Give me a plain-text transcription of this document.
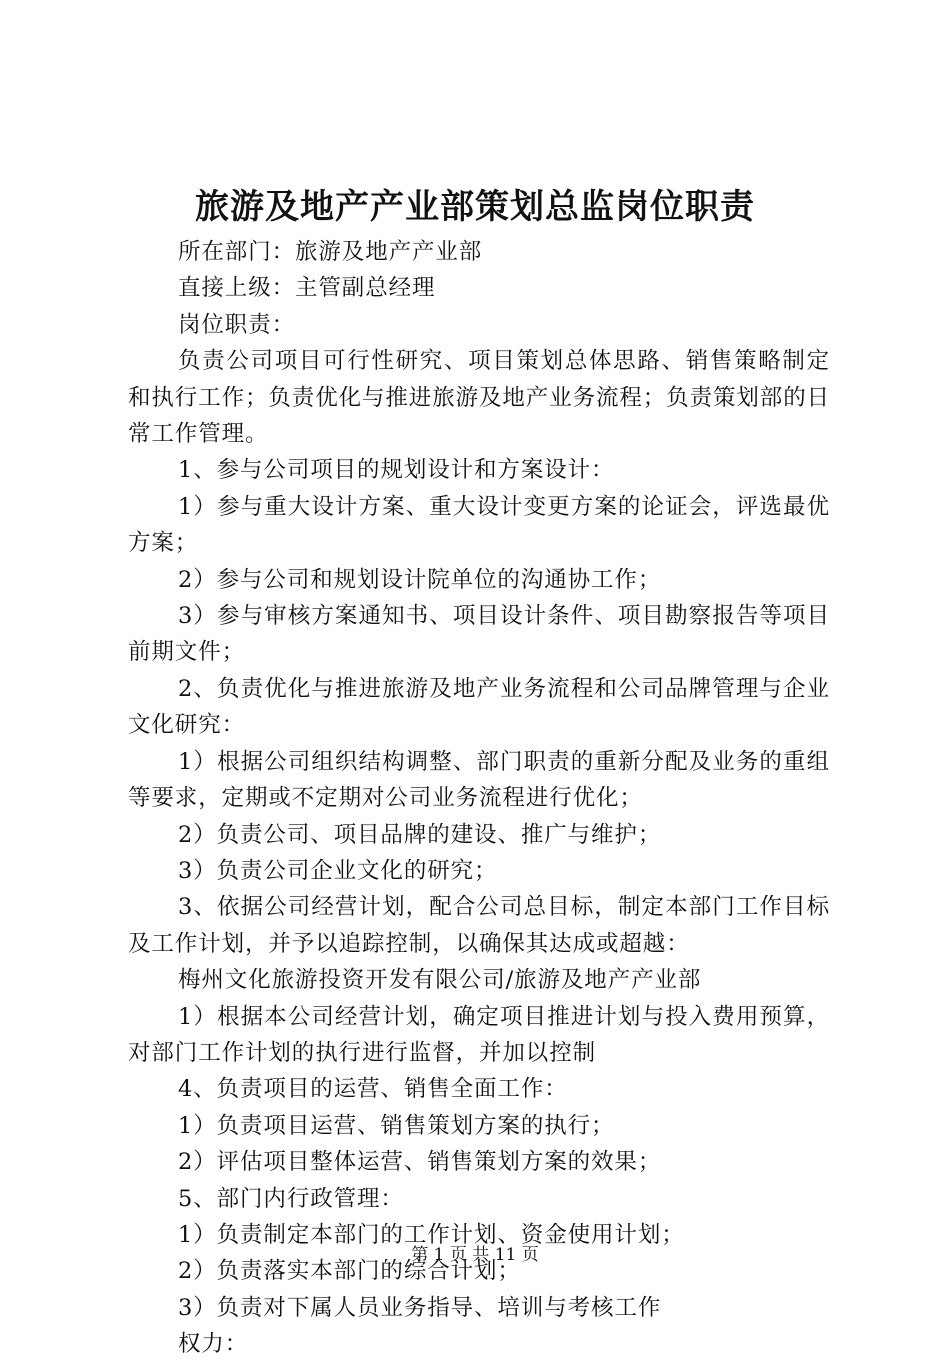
旅游及地产产业部策划总监岗位职责

所在部门：旅游及地产产业部

直接上级：主管副总经理

岗位职责：

负责公司项目可行性研究、项目策划总体思路、销售策略制定和执行工作；负责优化与推进旅游及地产业务流程；负责策划部的日常工作管理。

1、参与公司项目的规划设计和方案设计：

1）参与重大设计方案、重大设计变更方案的论证会，评选最优方案；

2）参与公司和规划设计院单位的沟通协工作；

3）参与审核方案通知书、项目设计条件、项目勘察报告等项目前期文件；

2、负责优化与推进旅游及地产业务流程和公司品牌管理与企业文化研究：

1）根据公司组织结构调整、部门职责的重新分配及业务的重组等要求，定期或不定期对公司业务流程进行优化；

2）负责公司、项目品牌的建设、推广与维护；

3）负责公司企业文化的研究；

3、依据公司经营计划，配合公司总目标，制定本部门工作目标及工作计划，并予以追踪控制，以确保其达成或超越：

梅州文化旅游投资开发有限公司/旅游及地产产业部

1）根据本公司经营计划，确定项目推进计划与投入费用预算，对部门工作计划的执行进行监督，并加以控制

4、负责项目的运营、销售全面工作：

1）负责项目运营、销售策划方案的执行；

2）评估项目整体运营、销售策划方案的效果；

5、部门内行政管理：

1）负责制定本部门的工作计划、资金使用计划；

2）负责落实本部门的综合计划；

3）负责对下属人员业务指导、培训与考核工作

权力：

第 1 页 共 11 页
